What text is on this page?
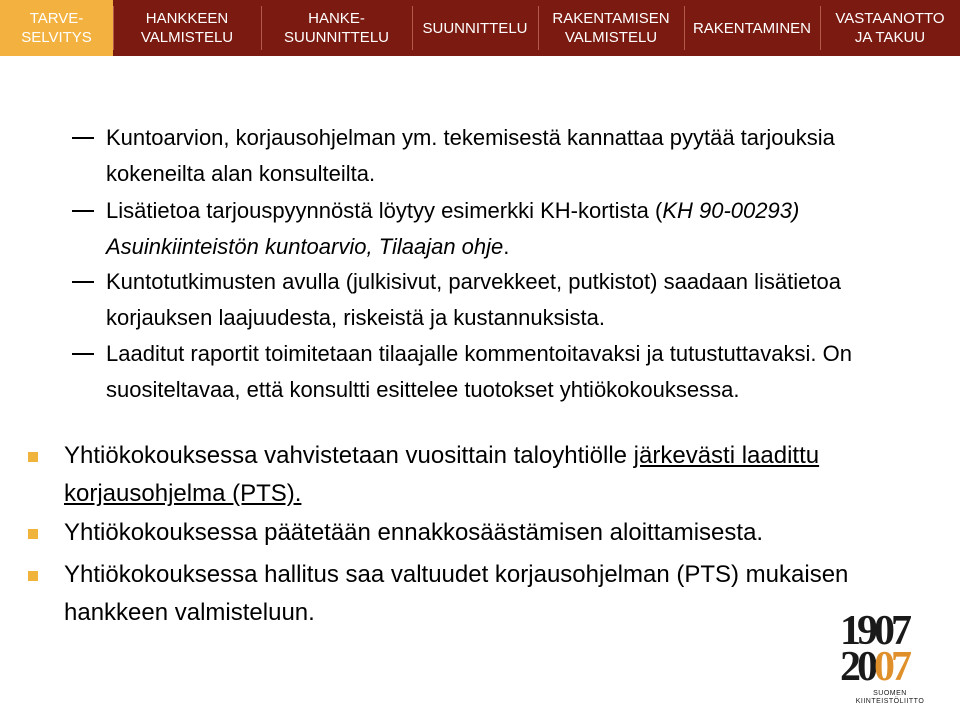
TARVE-
SELVITYS
HANKKEEN
VALMISTELU
HANKE-
SUUNNITTELU
SUUNNITTELU
RAKENTAMISEN
VALMISTELU
RAKENTAMINEN
VASTAANOTTO
JA TAKUU
Kuntoarvion, korjausohjelman ym. tekemisestä kannattaa pyytää tarjouksia kokeneilta alan konsulteilta.
Lisätietoa tarjouspyynnöstä löytyy esimerkki KH-kortista (KH 90-00293) Asuinkiinteistön kuntoarvio, Tilaajan ohje.
Kuntotutkimusten avulla (julkisivut, parvekkeet, putkistot) saadaan lisätietoa korjauksen laajuudesta, riskeistä ja kustannuksista.
Laaditut raportit toimitetaan tilaajalle kommentoitavaksi ja tutustuttavaksi. On suositeltavaa, että konsultti esittelee tuotokset yhtiökokouksessa.
Yhtiökokouksessa vahvistetaan vuosittain taloyhtiölle järkevästi laadittu korjausohjelma (PTS).
Yhtiökokouksessa päätetään ennakkosäästämisen aloittamisesta.
Yhtiökokouksessa hallitus saa valtuudet korjausohjelman (PTS) mukaisen hankkeen valmisteluun.	1907
2007
SUOMEN
KIINTEISTÖLIITTO
